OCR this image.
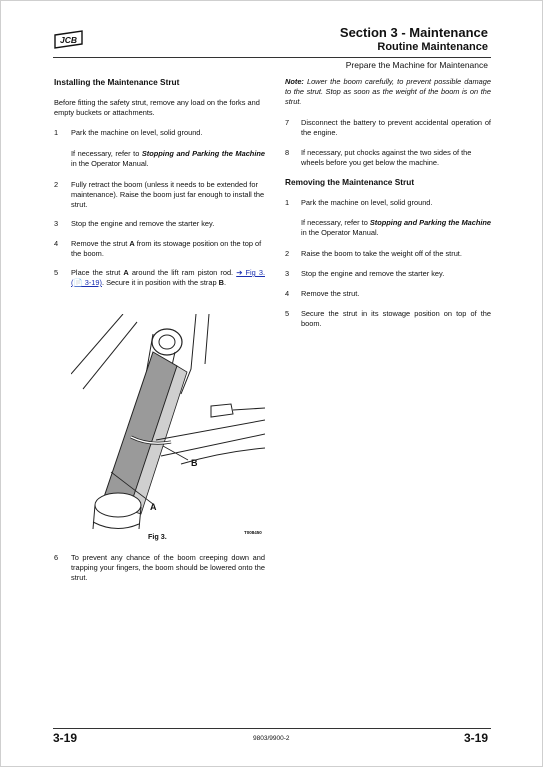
JCB	Section 3 - Maintenance
Routine Maintenance
Prepare the Machine for Maintenance
Installing the Maintenance Strut
Before fitting the safety strut, remove any load on the forks and empty buckets or attachments.
1 Park the machine on level, solid ground.
If necessary, refer to Stopping and Parking the Machine in the Operator Manual.
2 Fully retract the boom (unless it needs to be extended for maintenance). Raise the boom just far enough to install the strut.
3 Stop the engine and remove the starter key.
4 Remove the strut A from its stowage position on the top of the boom.
5 Place the strut A around the lift ram piston rod. ➔ Fig 3. (📄 3-19). Secure it in position with the strap B.
A
B
Fig 3.	T008450
6 To prevent any chance of the boom creeping down and trapping your fingers, the boom should be lowered onto the strut.
Note: Lower the boom carefully, to prevent possible damage to the strut. Stop as soon as the weight of the boom is on the strut.
7 Disconnect the battery to prevent accidental operation of the engine.
8 If necessary, put chocks against the two sides of the wheels before you get below the machine.
Removing the Maintenance Strut
1 Park the machine on level, solid ground.
If necessary, refer to Stopping and Parking the Machine in the Operator Manual.
2 Raise the boom to take the weight off of the strut.
3 Stop the engine and remove the starter key.
4 Remove the strut.
5 Secure the strut in its stowage position on top of the boom.
3-19	9803/9900-2	3-19
